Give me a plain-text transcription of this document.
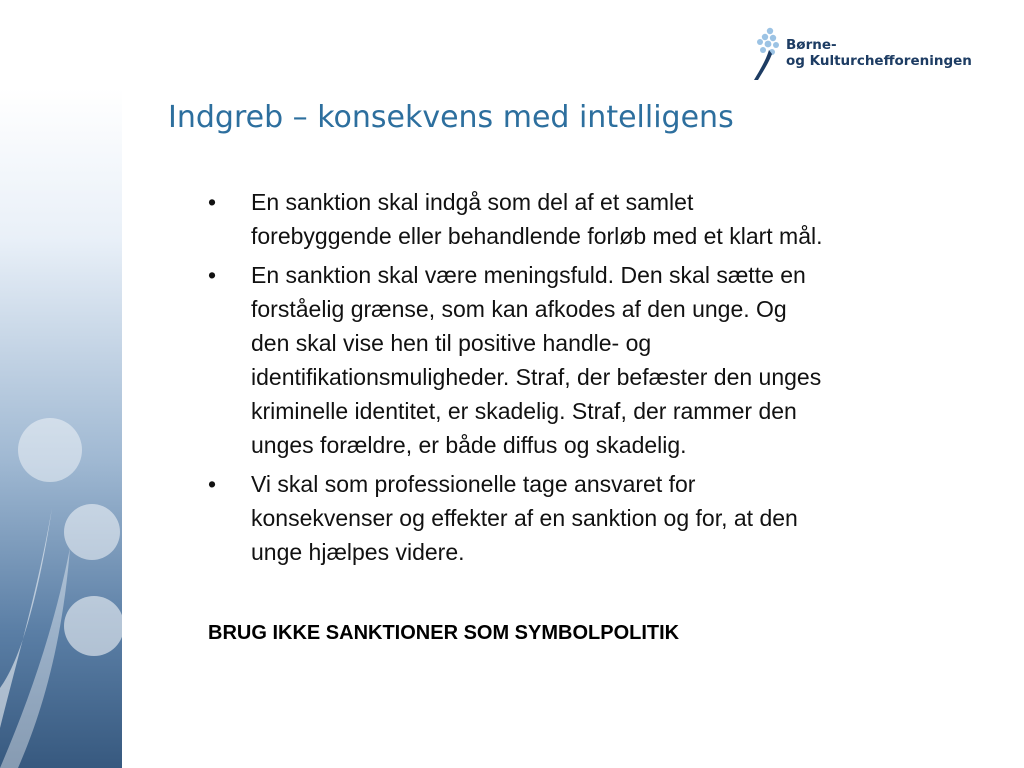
Børne-
og Kulturchefforeningen
Indgreb – konsekvens med intelligens
• En sanktion skal indgå som del af et samlet
forebyggende eller behandlende forløb med et klart mål.
• En sanktion skal være meningsfuld. Den skal sætte en
forståelig grænse, som kan afkodes af den unge. Og
den skal vise hen til positive handle- og
identifikationsmuligheder. Straf, der befæster den unges
kriminelle identitet, er skadelig. Straf, der rammer den
unges forældre, er både diffus og skadelig.
• Vi skal som professionelle tage ansvaret for
konsekvenser og effekter af en sanktion og for, at den
unge hjælpes videre.

BRUG IKKE SANKTIONER SOM SYMBOLPOLITIK
